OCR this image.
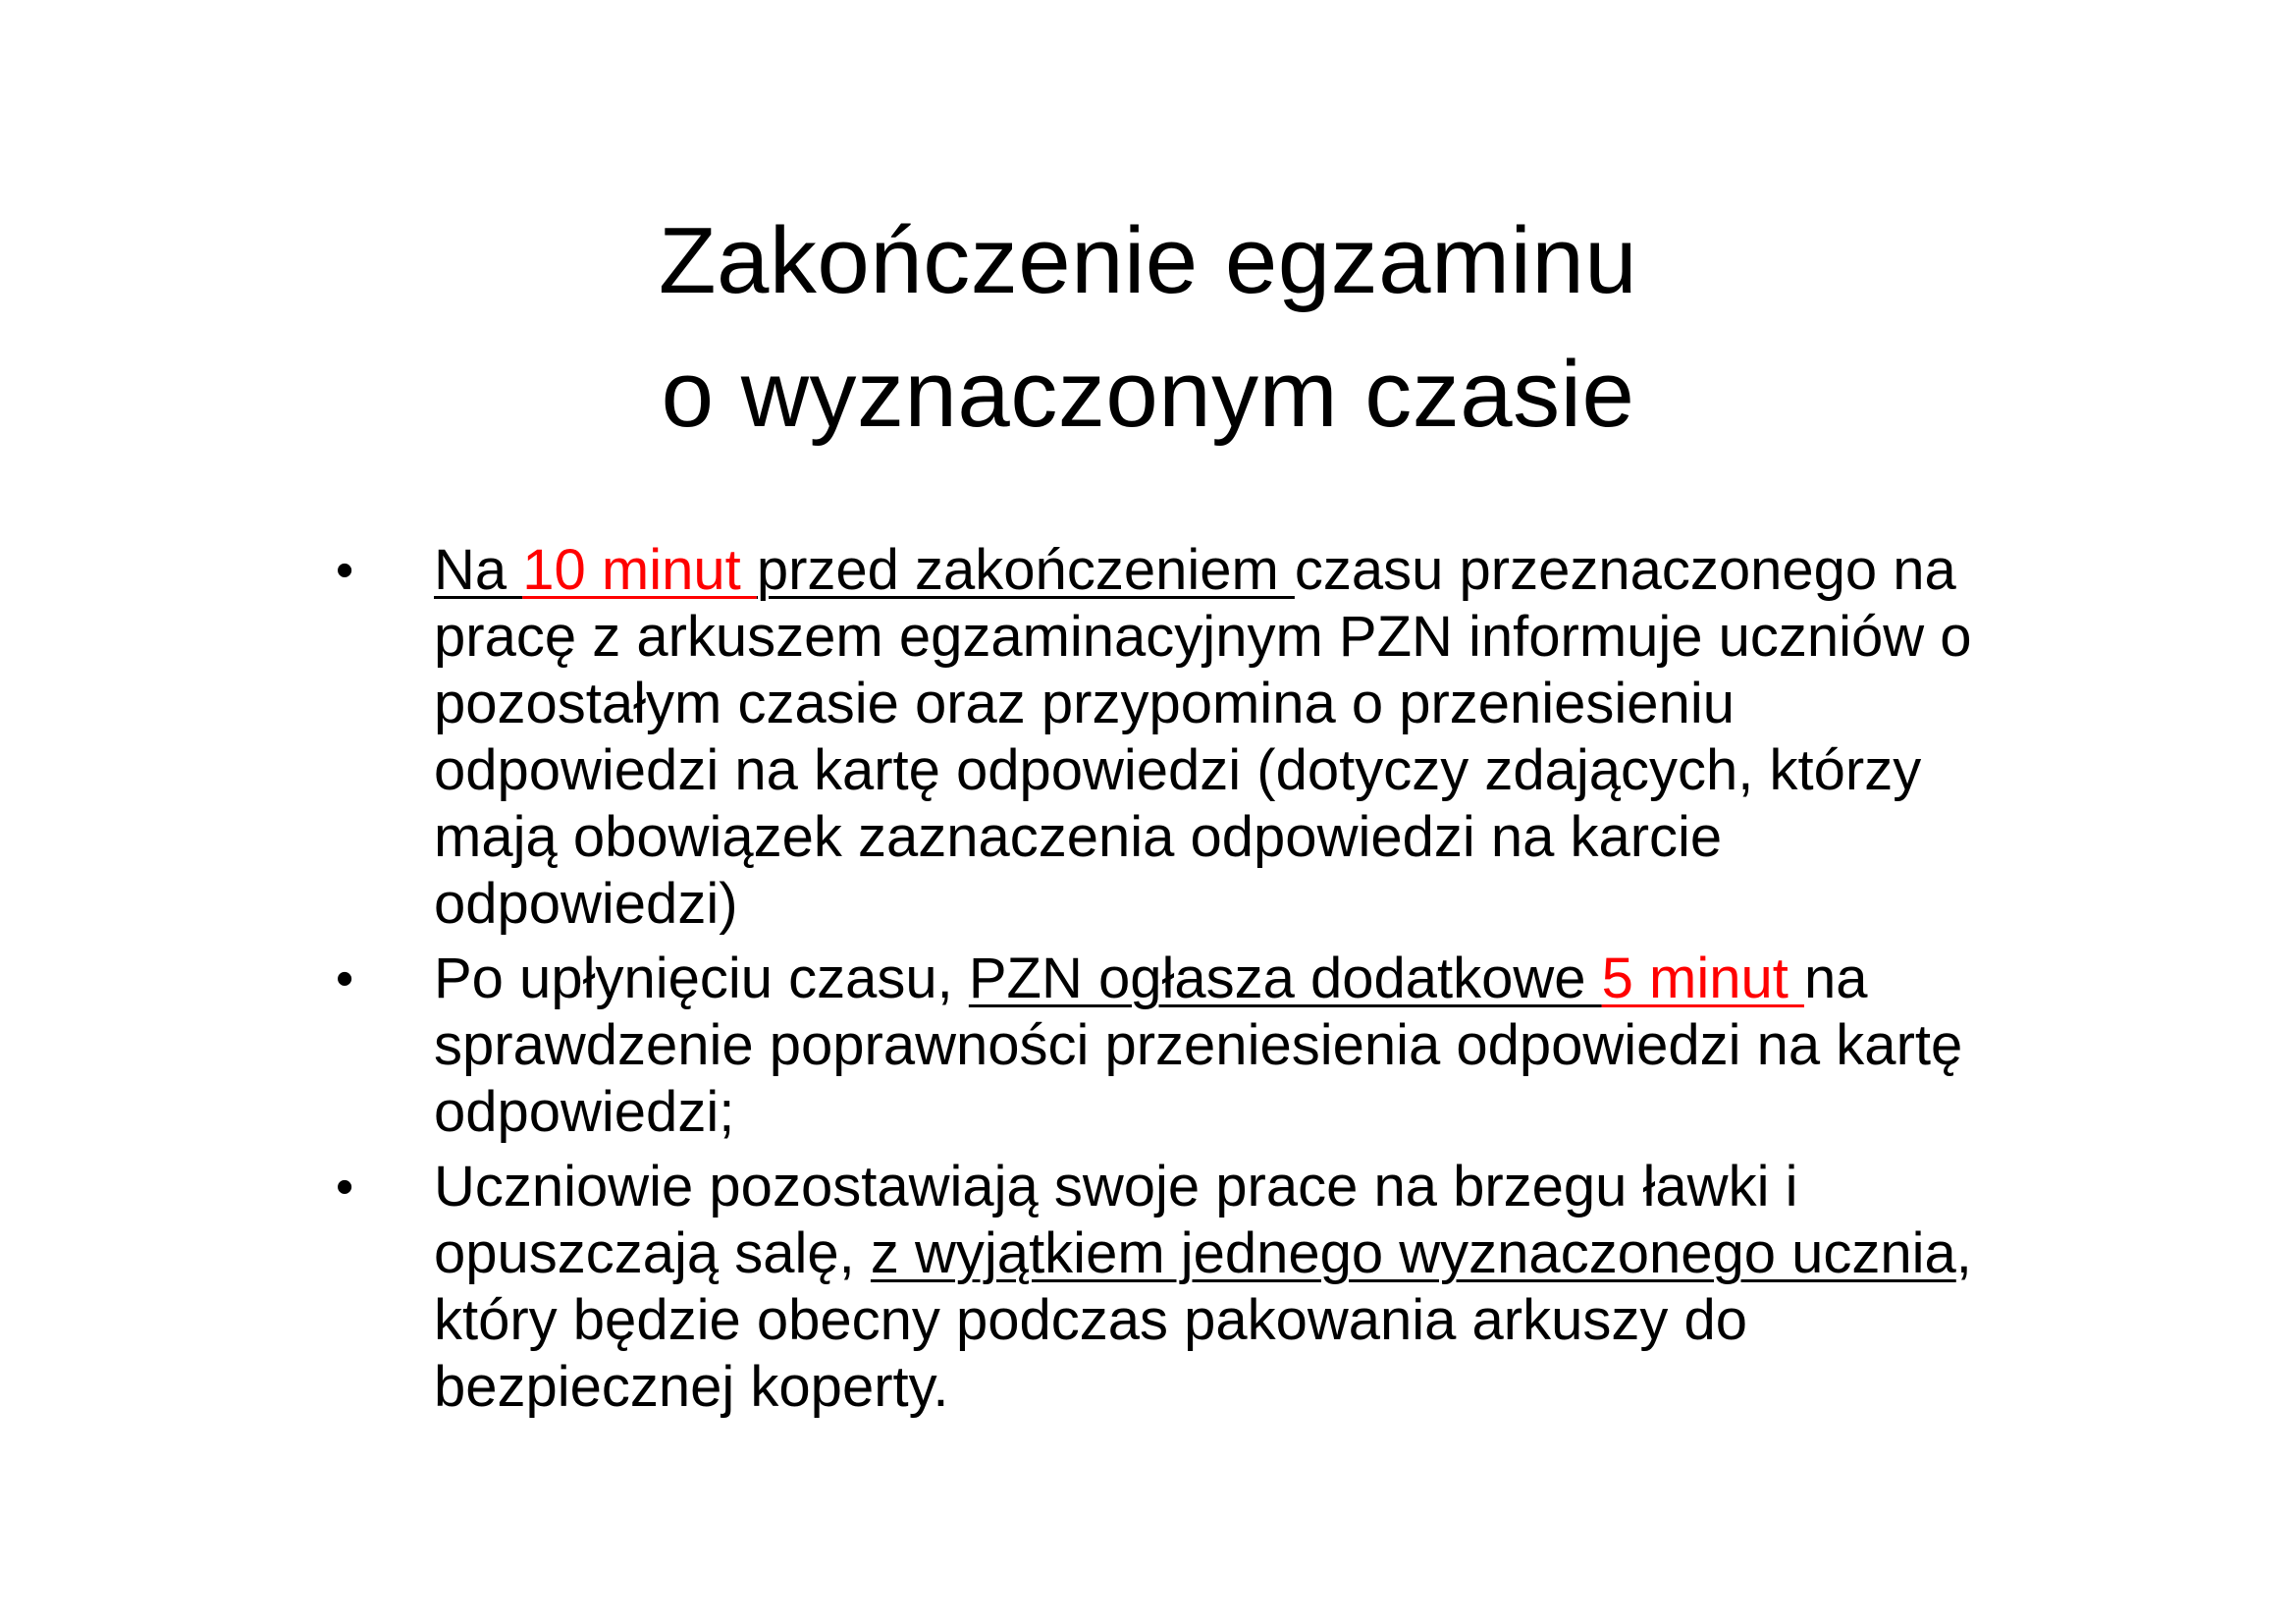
Zakończenie egzaminu
o wyznaczonym czasie
• Na 10 minut przed zakończeniem czasu przeznaczonego na pracę z arkuszem egzaminacyjnym PZN informuje uczniów o pozostałym czasie oraz przypomina o przeniesieniu odpowiedzi na kartę odpowiedzi (dotyczy zdających, którzy mają obowiązek zaznaczenia odpowiedzi na karcie odpowiedzi)
• Po upłynięciu czasu, PZN ogłasza dodatkowe 5 minut na sprawdzenie poprawności przeniesienia odpowiedzi na kartę odpowiedzi;
• Uczniowie pozostawiają swoje prace na brzegu ławki i opuszczają salę, z wyjątkiem jednego wyznaczonego ucznia, który będzie obecny podczas pakowania arkuszy do bezpiecznej koperty.
